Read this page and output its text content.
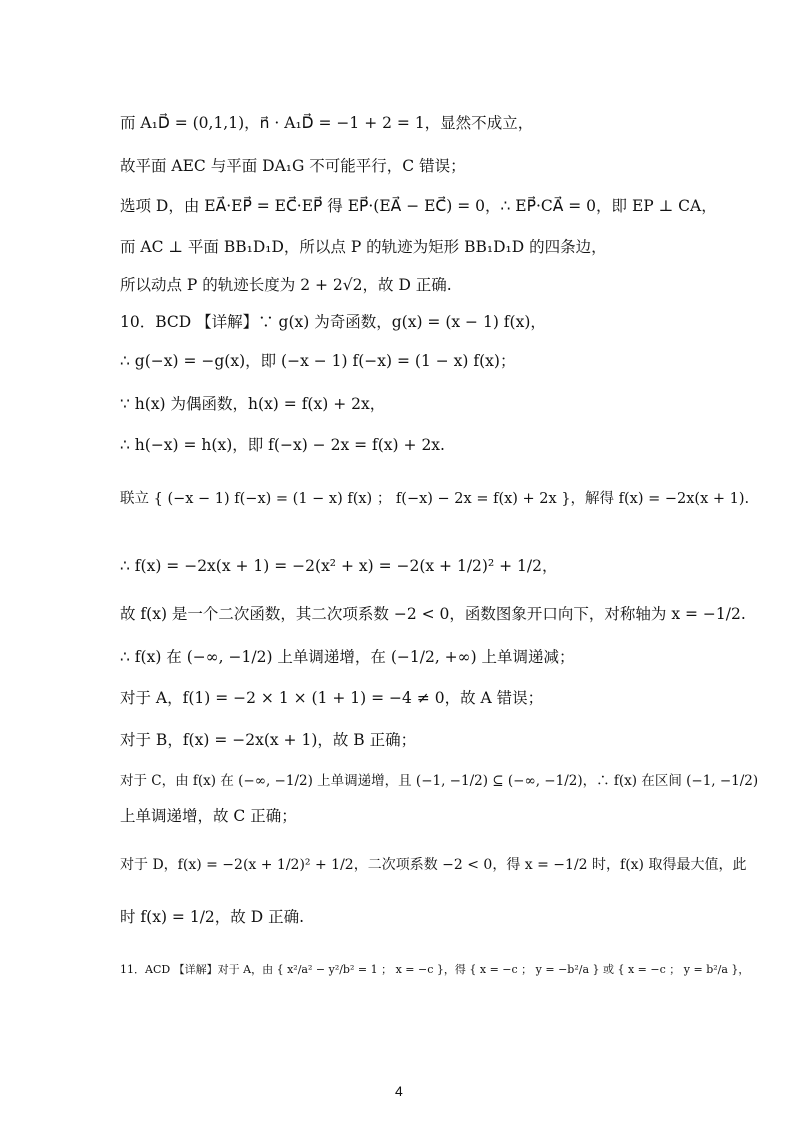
而 A₁D⃗ = (0,1,1)，n⃗ · A₁D⃗ = −1 + 2 = 1，显然不成立，
故平面 AEC 与平面 DA₁G 不可能平行，C 错误；
选项 D，由 EA⃗·EP⃗ = EC⃗·EP⃗ 得 EP⃗·(EA⃗ − EC⃗) = 0，∴ EP⃗·CA⃗ = 0，即 EP ⊥ CA，
而 AC ⊥ 平面 BB₁D₁D，所以点 P 的轨迹为矩形 BB₁D₁D 的四条边，
所以动点 P 的轨迹长度为 2 + 2√2，故 D 正确.
10．BCD 【详解】∵ g(x) 为奇函数，g(x) = (x − 1) f(x)，
∴ g(−x) = −g(x)，即 (−x − 1) f(−x) = (1 − x) f(x)；
∵ h(x) 为偶函数，h(x) = f(x) + 2x，
∴ h(−x) = h(x)，即 f(−x) − 2x = f(x) + 2x.
联立 { (−x − 1) f(−x) = (1 − x) f(x) ； f(−x) − 2x = f(x) + 2x }，解得 f(x) = −2x(x + 1).
∴ f(x) = −2x(x + 1) = −2(x² + x) = −2(x + 1/2)² + 1/2，
故 f(x) 是一个二次函数，其二次项系数 −2 < 0，函数图象开口向下，对称轴为 x = −1/2.
∴ f(x) 在 (−∞, −1/2) 上单调递增，在 (−1/2, +∞) 上单调递减；
对于 A，f(1) = −2 × 1 × (1 + 1) = −4 ≠ 0，故 A 错误；
对于 B，f(x) = −2x(x + 1)，故 B 正确；
对于 C，由 f(x) 在 (−∞, −1/2) 上单调递增，且 (−1, −1/2) ⊆ (−∞, −1/2)，∴ f(x) 在区间 (−1, −1/2)
上单调递增，故 C 正确；
对于 D，f(x) = −2(x + 1/2)² + 1/2，二次项系数 −2 < 0，得 x = −1/2 时，f(x) 取得最大值，此
时 f(x) = 1/2，故 D 正确.
11．ACD 【详解】对于 A，由 { x²/a² − y²/b² = 1 ； x = −c }，得 { x = −c ； y = −b²/a } 或 { x = −c ； y = b²/a }，
4
